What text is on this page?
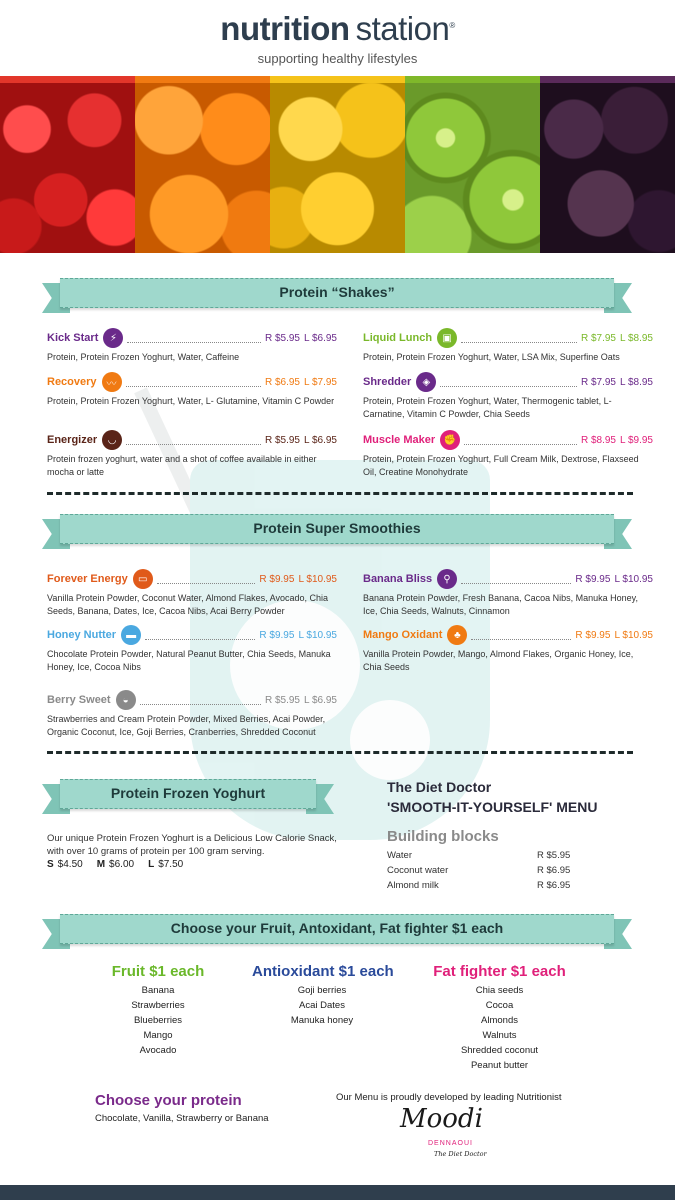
nutrition station®
supporting healthy lifestyles
Protein “Shakes”
Kick Start	⚡	R $5.95 L $6.95
Protein, Protein Frozen Yoghurt, Water, Caffeine
Recovery	〰	R $6.95 L $7.95
Protein, Protein Frozen Yoghurt, Water, L- Glutamine, Vitamin C Powder
Energizer	◡	R $5.95 L $6.95
Protein frozen yoghurt, water and a shot of coffee available in either mocha or latte
Liquid Lunch	▣	R $7.95 L $8.95
Protein, Protein Frozen Yoghurt, Water, LSA Mix, Superfine Oats
Shredder	◈	R $7.95 L $8.95
Protein, Protein Frozen Yoghurt, Water, Thermogenic tablet, L-Carnatine, Vitamin C Powder, Chia Seeds
Muscle Maker ✊	R $8.95 L $9.95
Protein, Protein Frozen Yoghurt, Full Cream Milk, Dextrose, Flaxseed Oil, Creatine Monohydrate
Protein Super Smoothies
Forever Energy	▭	R $9.95 L $10.95
Vanilla Protein Powder, Coconut Water, Almond Flakes, Avocado, Chia Seeds, Banana, Dates, Ice, Cacoa Nibs, Acai Berry Powder
Honey Nutter	▬	R $9.95 L $10.95
Chocolate Protein Powder, Natural Peanut Butter, Chia Seeds, Manuka Honey, Ice, Cocoa Nibs
Berry Sweet	◒	R $5.95 L $6.95
Strawberries and Cream Protein Powder, Mixed Berries, Acai Powder, Organic Coconut, Ice, Goji Berries, Cranberries, Shredded Coconut
Banana Bliss	⚲	R $9.95 L $10.95
Banana Protein Powder, Fresh Banana, Cacoa Nibs, Manuka Honey, Ice, Chia Seeds, Walnuts, Cinnamon
Mango Oxidant	♣	R $9.95 L $10.95
Vanilla Protein Powder, Mango, Almond Flakes, Organic Honey, Ice, Chia Seeds
Protein Frozen Yoghurt
Our unique Protein Frozen Yoghurt is a Delicious Low Calorie Snack, with over 10 grams of protein per 100 gram serving.
S $4.50 M $6.00 L $7.50
The Diet Doctor
'SMOOTH-IT-YOURSELF' MENU
Building blocks
Water	R $5.95
Coconut water	R $6.95
Almond milk	R $6.95
Choose your Fruit, Antoxidant, Fat fighter $1 each
Fruit $1 each
Banana
Strawberries
Blueberries
Mango
Avocado
Antioxidant $1 each
Goji berries
Acai Dates
Manuka honey
Fat fighter $1 each
Chia seeds
Cocoa
Almonds
Walnuts
Shredded coconut
Peanut butter
Choose your protein
Chocolate, Vanilla, Strawberry or Banana
Our Menu is proudly developed by leading Nutritionist
Moodi
DENNAOUI
The Diet Doctor
